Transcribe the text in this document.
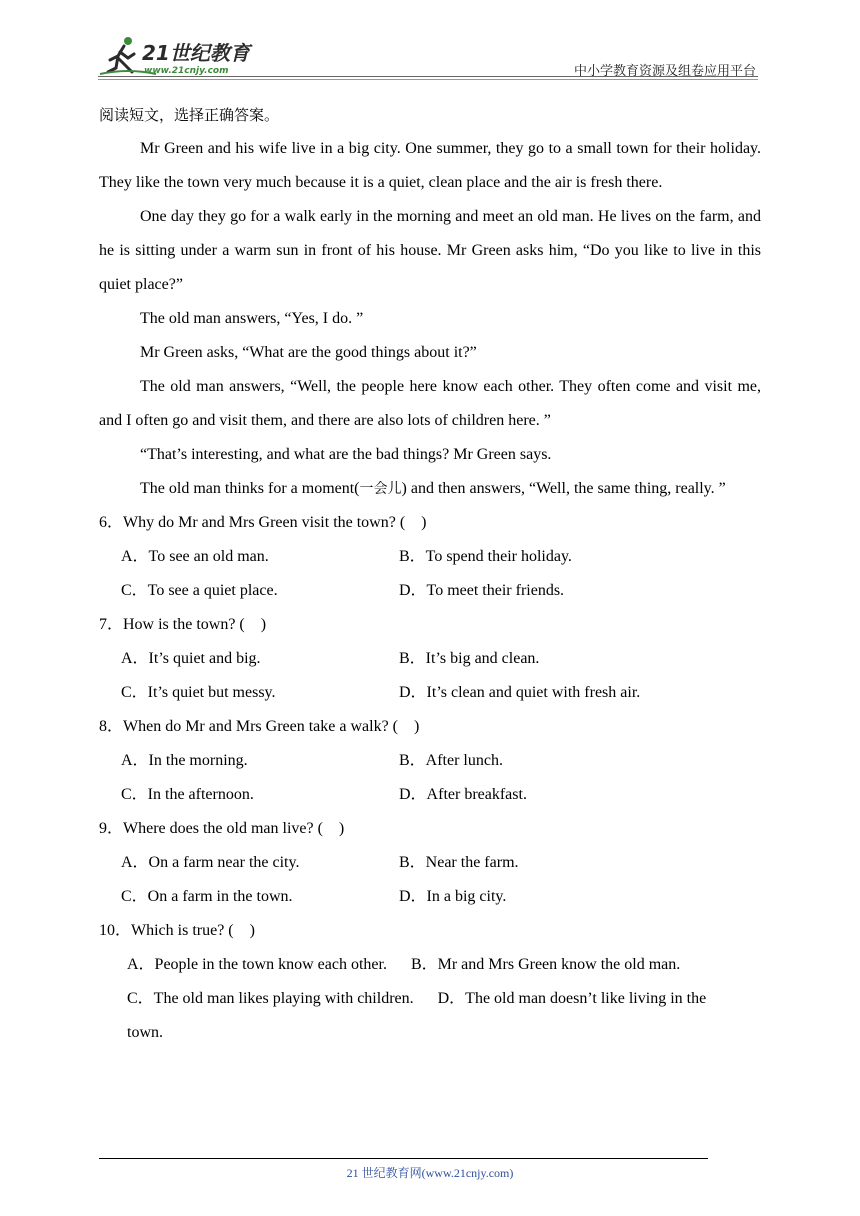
21世纪教育
www.21cnjy.com	中小学教育资源及组卷应用平台
阅读短文，选择正确答案。
Mr Green and his wife live in a big city. One summer, they go to a small town for their holiday. They like the town very much because it is a quiet, clean place and the air is fresh there.
One day they go for a walk early in the morning and meet an old man. He lives on the farm, and he is sitting under a warm sun in front of his house. Mr Green asks him, “Do you like to live in this quiet place?”
The old man answers, “Yes, I do. ”
Mr Green asks, “What are the good things about it?”
The old man answers, “Well, the people here know each other. They often come and visit me, and I often go and visit them, and there are also lots of children here. ”
“That’s interesting, and what are the bad things? Mr Green says.
The old man thinks for a moment(一会儿) and then answers, “Well, the same thing, really. ”
6．Why do Mr and Mrs Green visit the town? (　)
A．To see an old man.	B．To spend their holiday.
C．To see a quiet place.	D．To meet their friends.
7．How is the town? (　)
A．It’s quiet and big.	B．It’s big and clean.
C．It’s quiet but messy.	D．It’s clean and quiet with fresh air.
8．When do Mr and Mrs Green take a walk? (　)
A．In the morning.	B．After lunch.
C．In the afternoon.	D．After breakfast.
9．Where does the old man live? (　)
A．On a farm near the city.	B．Near the farm.
C．On a farm in the town.	D．In a big city.
10．Which is true? (　)
A．People in the town know each other. B．Mr and Mrs Green know the old man.
C．The old man likes playing with children. D．The old man doesn’t like living in the
town.
21 世纪教育网(www.21cnjy.com)
